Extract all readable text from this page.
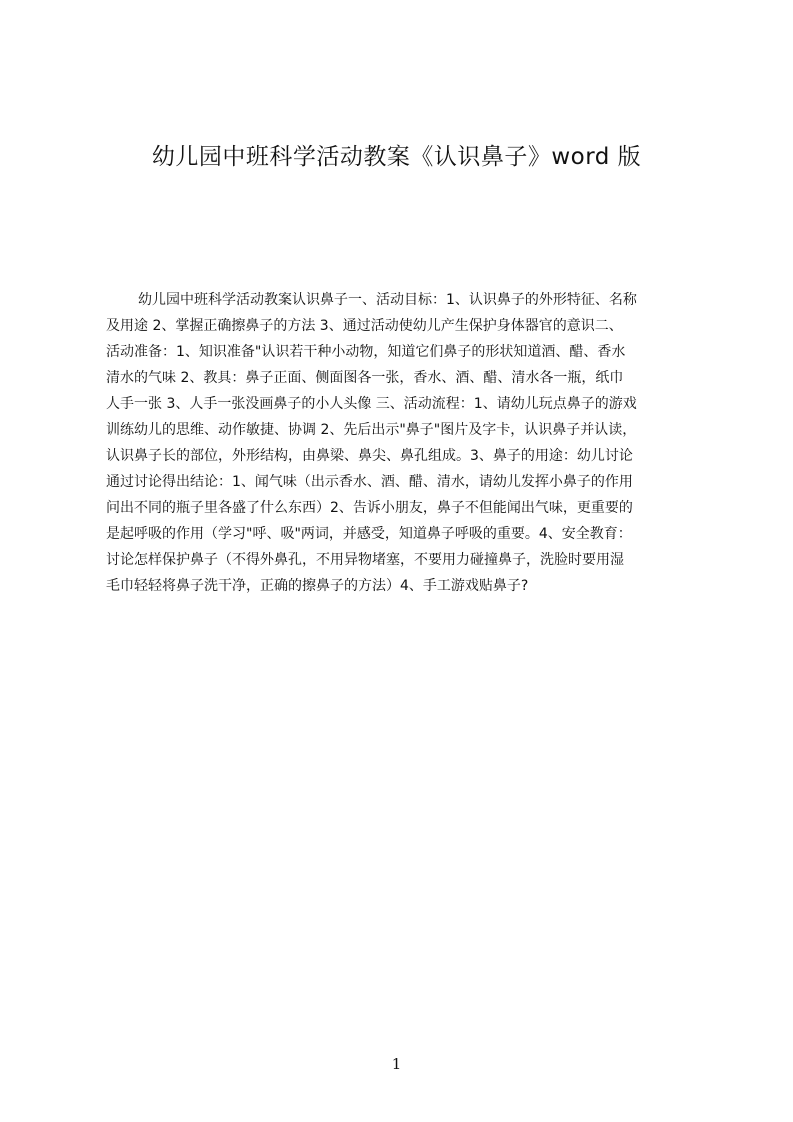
幼儿园中班科学活动教案《认识鼻子》word 版
幼儿园中班科学活动教案认识鼻子一、活动目标：1、认识鼻子的外形特征、名称
及用途 2、掌握正确擦鼻子的方法 3、通过活动使幼儿产生保护身体器官的意识二、
活动准备：1、知识准备"认识若干种小动物，知道它们鼻子的形状知道酒、醋、香水
清水的气味 2、教具：鼻子正面、侧面图各一张，香水、酒、醋、清水各一瓶，纸巾
人手一张 3、人手一张没画鼻子的小人头像 三、活动流程：1、请幼儿玩点鼻子的游戏
训练幼儿的思维、动作敏捷、协调 2、先后出示"鼻子"图片及字卡，认识鼻子并认读，
认识鼻子长的部位，外形结构，由鼻梁、鼻尖、鼻孔组成。3、鼻子的用途：幼儿讨论
通过讨论得出结论：1、闻气味（出示香水、酒、醋、清水，请幼儿发挥小鼻子的作用
问出不同的瓶子里各盛了什么东西）2、告诉小朋友，鼻子不但能闻出气味，更重要的
是起呼吸的作用（学习"呼、吸"两词，并感受，知道鼻子呼吸的重要。4、安全教育：
讨论怎样保护鼻子（不得外鼻孔，不用异物堵塞，不要用力碰撞鼻子，洗脸时要用湿
毛巾轻轻将鼻子洗干净，正确的擦鼻子的方法）4、手工游戏贴鼻子?
1
